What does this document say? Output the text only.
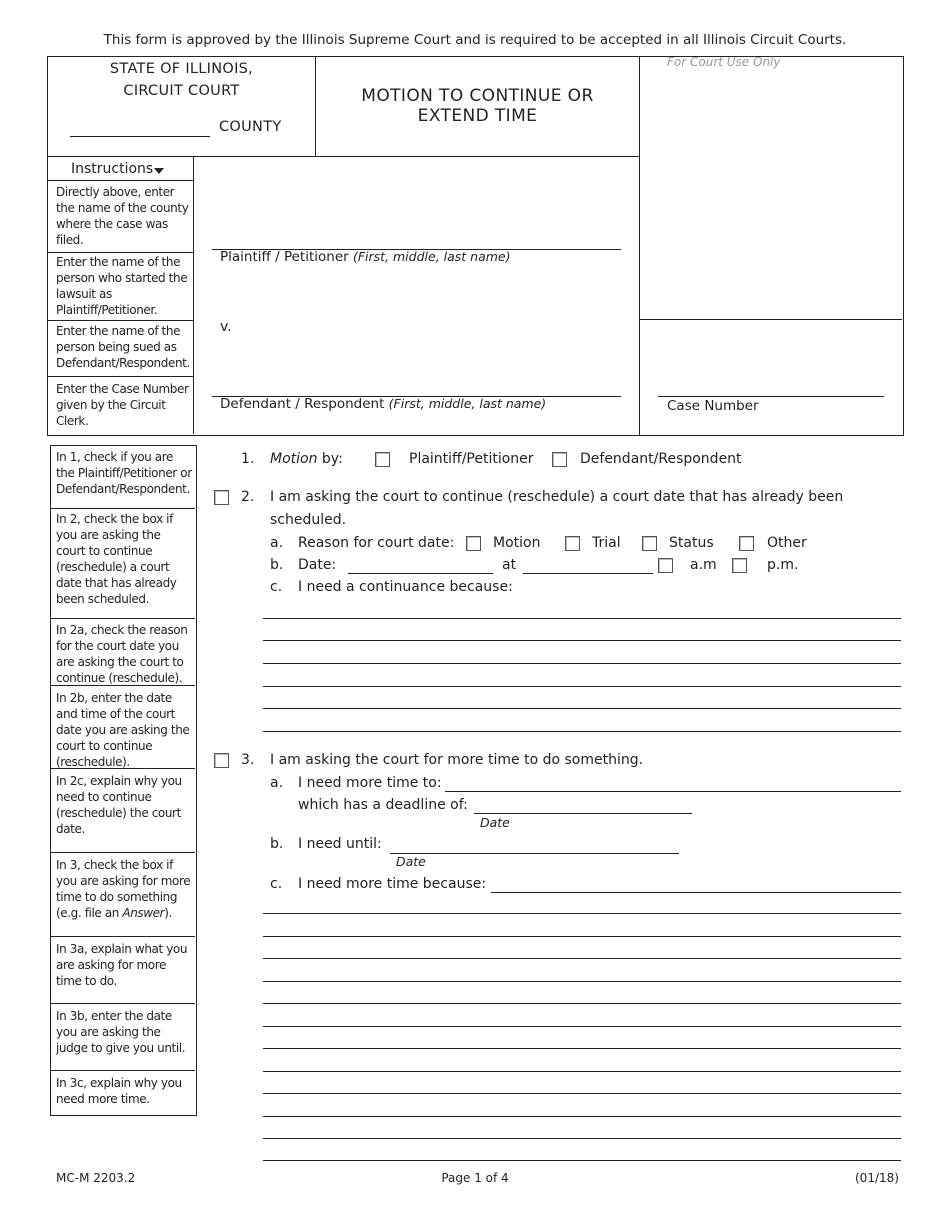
This form is approved by the Illinois Supreme Court and is required to be accepted in all Illinois Circuit Courts.
STATE OF ILLINOIS,
CIRCUIT COURT
COUNTY
MOTION TO CONTINUE OR
EXTEND TIME
For Court Use Only
Instructions
Directly above, enter the name of the county where the case was filed.
Enter the name of the person who started the lawsuit as Plaintiff/Petitioner.
Enter the name of the person being sued as Defendant/Respondent.
Enter the Case Number given by the Circuit Clerk.
Plaintiff / Petitioner (First, middle, last name)
v.
Defendant / Respondent (First, middle, last name)	Case Number
In 1, check if you are the Plaintiff/Petitioner or Defendant/Respondent.
In 2, check the box if you are asking the court to continue (reschedule) a court date that has already been scheduled.
In 2a, check the reason for the court date you are asking the court to continue (reschedule).
In 2b, enter the date and time of the court date you are asking the court to continue (reschedule).
In 2c, explain why you need to continue (reschedule) the court date.
In 3, check the box if you are asking for more time to do something (e.g. file an Answer).
In 3a, explain what you are asking for more time to do.
In 3b, enter the date you are asking the judge to give you until.
In 3c, explain why you need more time.
1. Motion by:	Plaintiff/Petitioner	Defendant/Respondent
2. I am asking the court to continue (reschedule) a court date that has already been
scheduled.
a. Reason for court date:	Motion	Trial	Status	Other
b. Date:	at	a.m	p.m.
c. I need a continuance because:
3. I am asking the court for more time to do something.
a. I need more time to:
which has a deadline of:
Date
b. I need until:
Date
c. I need more time because:
MC-M 2203.2	Page 1 of 4	(01/18)
